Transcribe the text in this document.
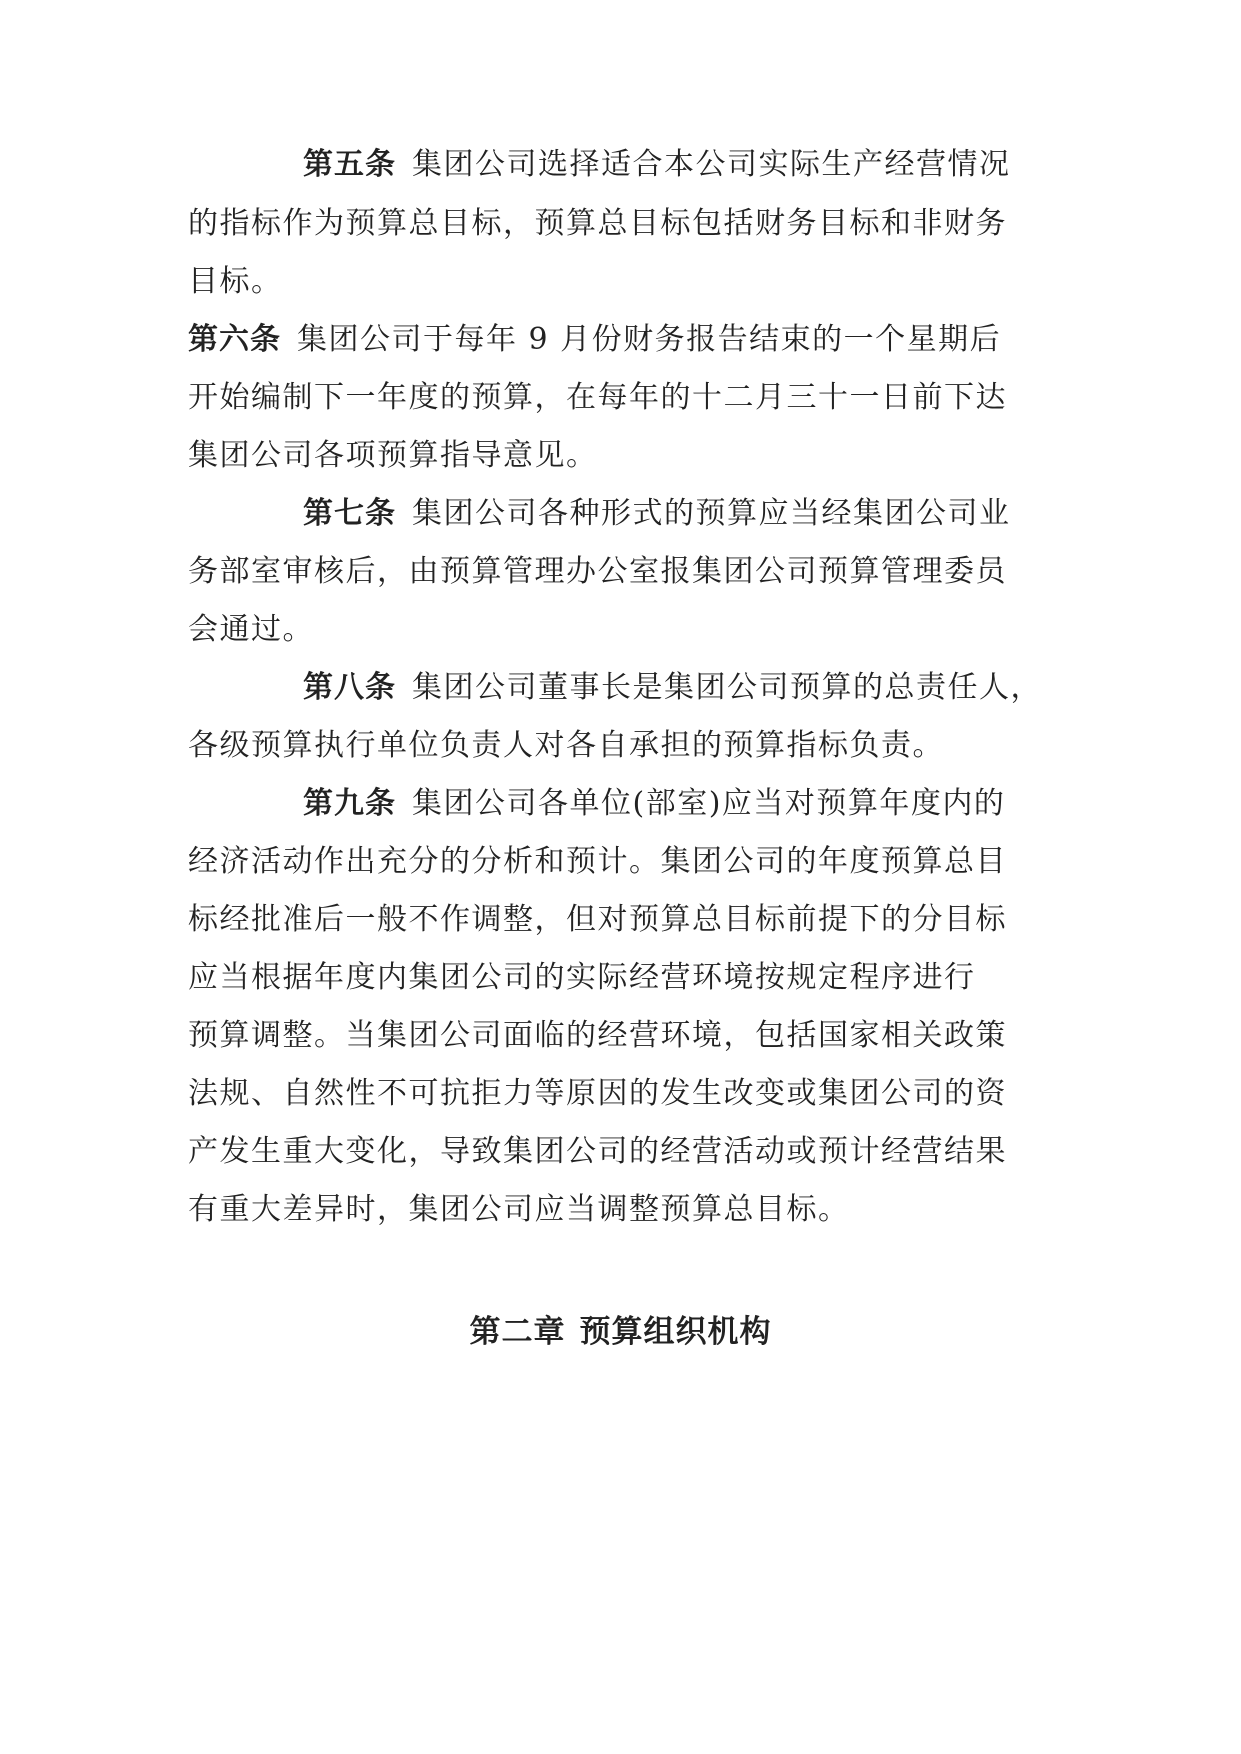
第五条 集团公司选择适合本公司实际生产经营情况
的指标作为预算总目标，预算总目标包括财务目标和非财务
目标。
第六条 集团公司于每年 9 月份财务报告结束的一个星期后
开始编制下一年度的预算，在每年的十二月三十一日前下达
集团公司各项预算指导意见。
第七条 集团公司各种形式的预算应当经集团公司业
务部室审核后，由预算管理办公室报集团公司预算管理委员
会通过。
第八条 集团公司董事长是集团公司预算的总责任人，
各级预算执行单位负责人对各自承担的预算指标负责。
第九条 集团公司各单位(部室)应当对预算年度内的
经济活动作出充分的分析和预计。集团公司的年度预算总目
标经批准后一般不作调整，但对预算总目标前提下的分目标
应当根据年度内集团公司的实际经营环境按规定程序进行
预算调整。当集团公司面临的经营环境，包括国家相关政策
法规、自然性不可抗拒力等原因的发生改变或集团公司的资
产发生重大变化，导致集团公司的经营活动或预计经营结果
有重大差异时，集团公司应当调整预算总目标。
第二章 预算组织机构
